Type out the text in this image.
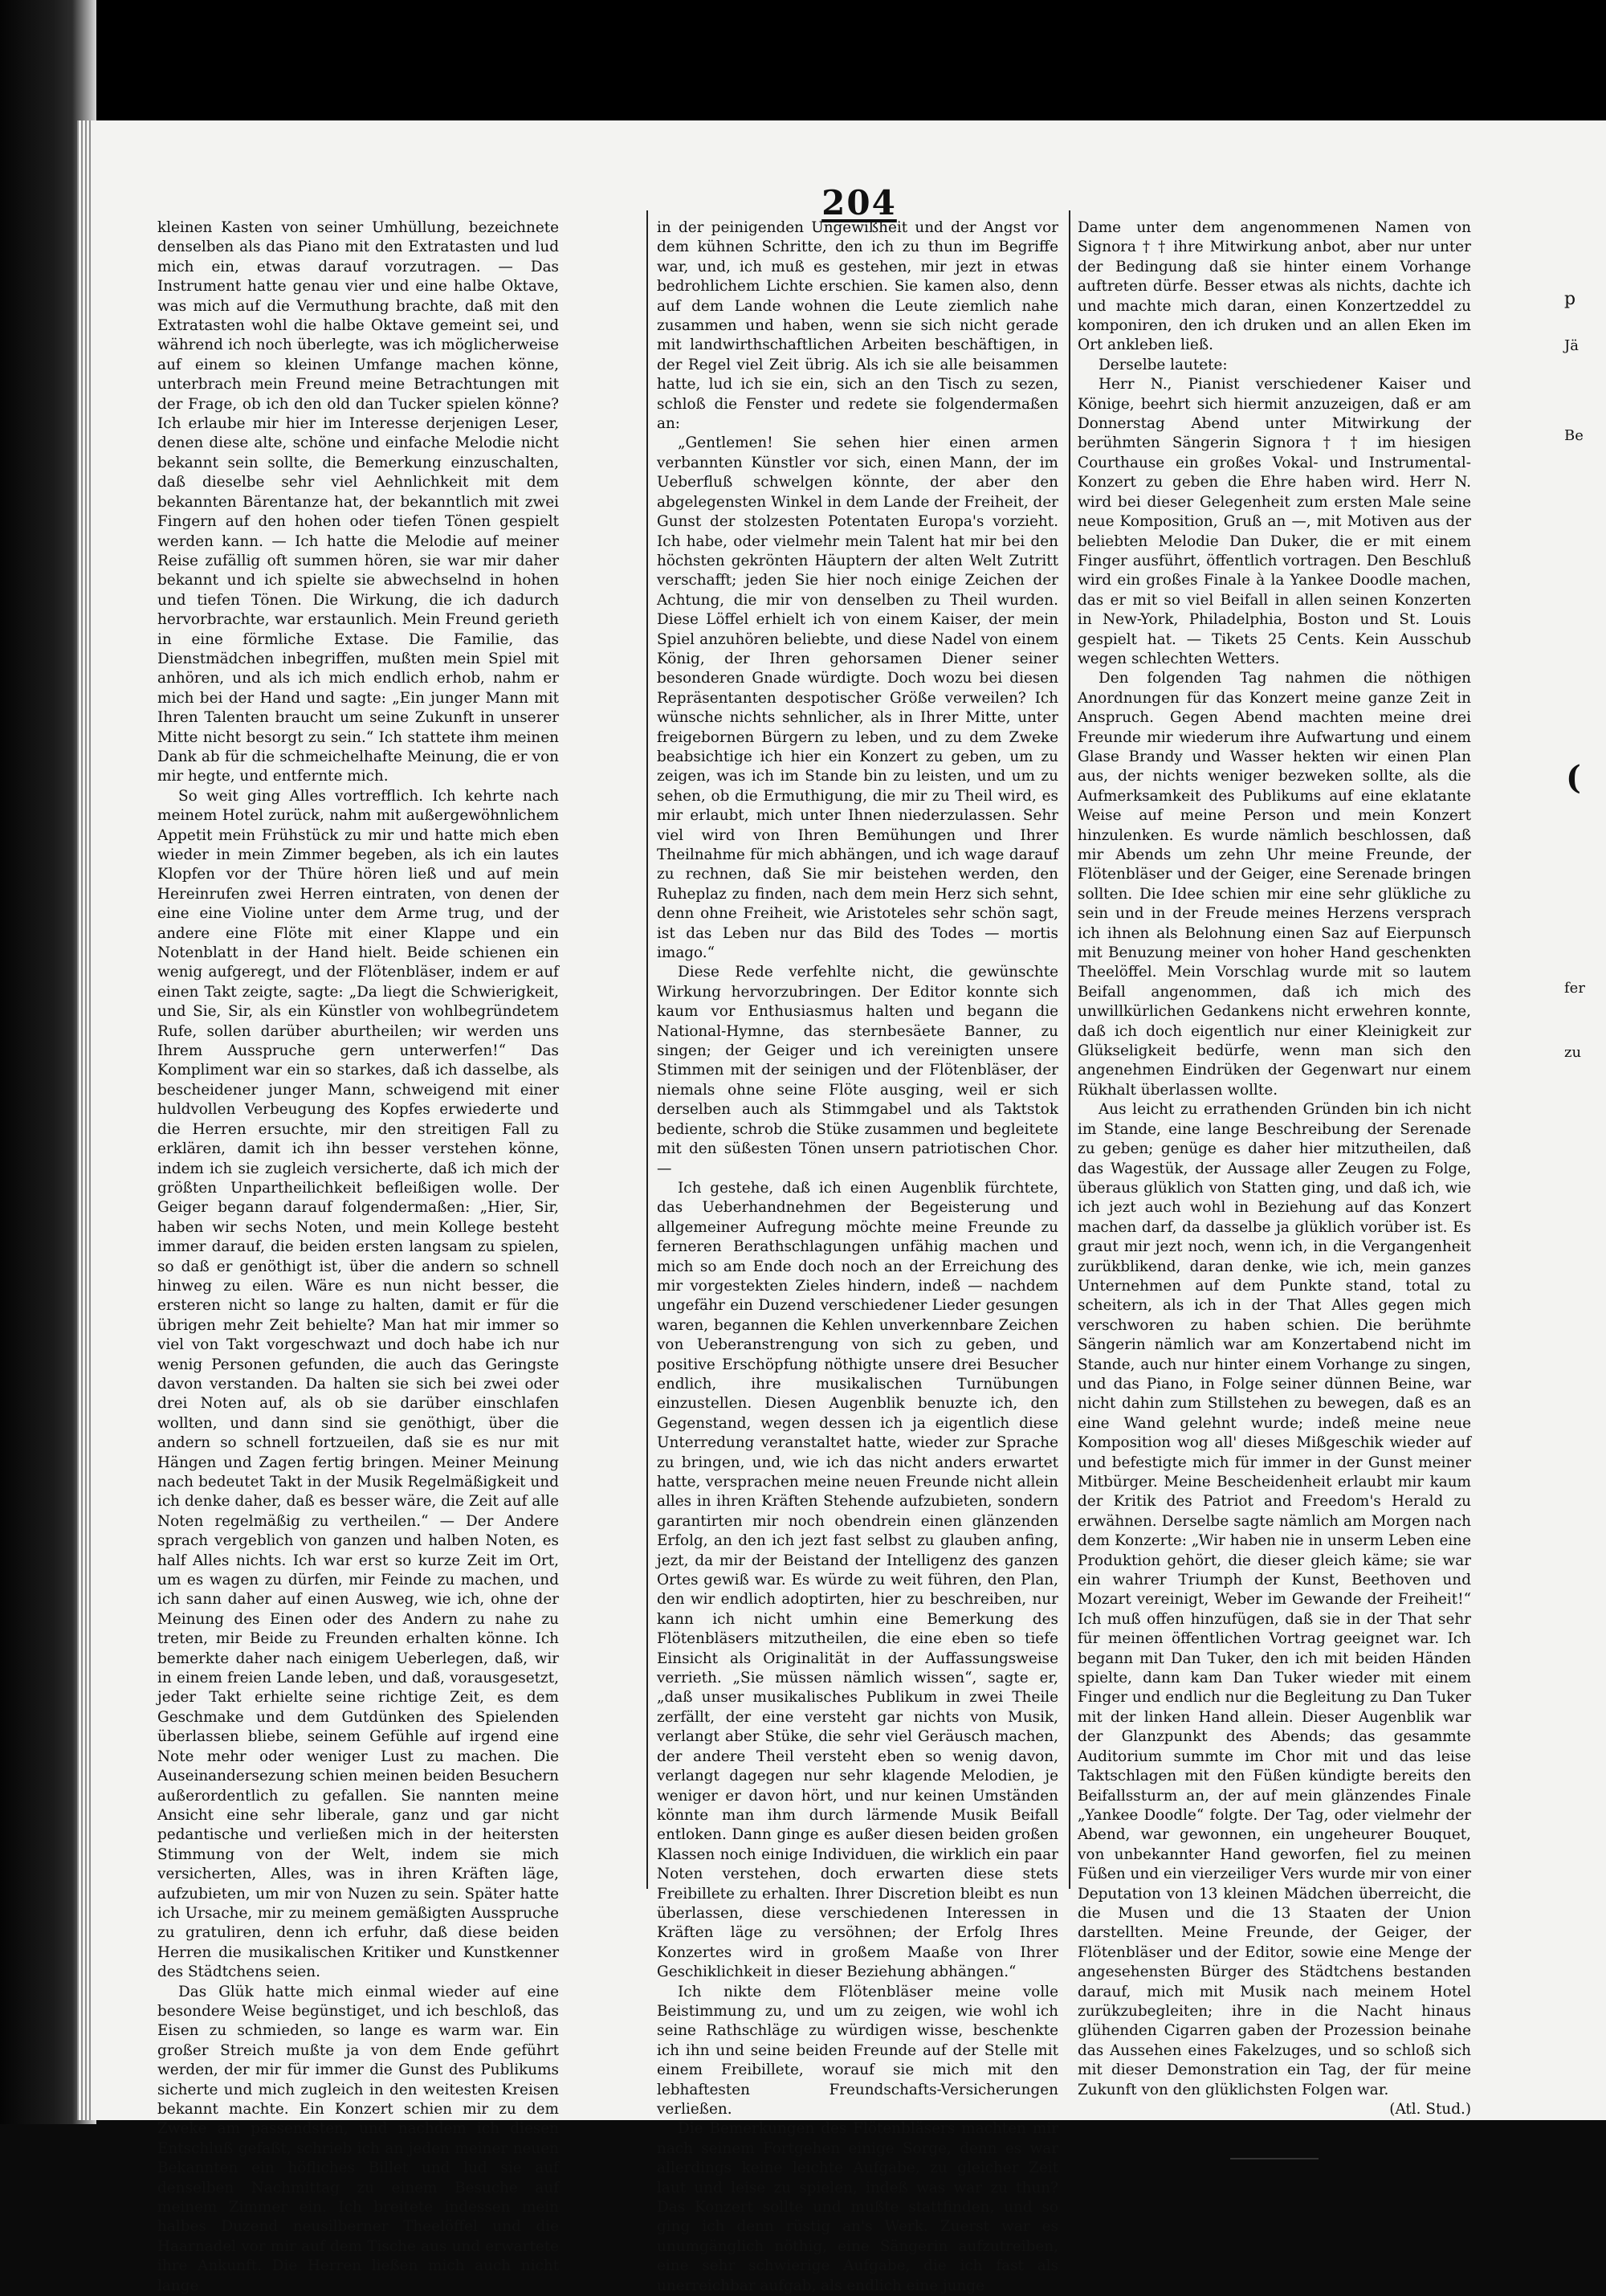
204

kleinen Kasten von seiner Umhüllung, bezeichnete denselben als das Piano mit den Extratasten und lud mich ein, etwas darauf vorzutragen. — Das Instrument hatte genau vier und eine halbe Oktave, was mich auf die Vermuthung brachte, daß mit den Extratasten wohl die halbe Oktave gemeint sei, und während ich noch überlegte, was ich möglicherweise auf einem so kleinen Umfange machen könne, unterbrach mein Freund meine Betrachtungen mit der Frage, ob ich den old dan Tucker spielen könne? Ich erlaube mir hier im Interesse derjenigen Leser, denen diese alte, schöne und einfache Melodie nicht bekannt sein sollte, die Bemerkung einzuschalten, daß dieselbe sehr viel Aehnlichkeit mit dem bekannten Bärentanze hat, der bekanntlich mit zwei Fingern auf den hohen oder tiefen Tönen gespielt werden kann. — Ich hatte die Melodie auf meiner Reise zufällig oft summen hören, sie war mir daher bekannt und ich spielte sie abwechselnd in hohen und tiefen Tönen. Die Wirkung, die ich dadurch hervorbrachte, war erstaunlich. Mein Freund gerieth in eine förmliche Extase. Die Familie, das Dienstmädchen inbegriffen, mußten mein Spiel mit anhören, und als ich mich endlich erhob, nahm er mich bei der Hand und sagte: „Ein junger Mann mit Ihren Talenten braucht um seine Zukunft in unserer Mitte nicht besorgt zu sein.“ Ich stattete ihm meinen Dank ab für die schmeichelhafte Meinung, die er von mir hegte, und entfernte mich.

So weit ging Alles vortrefflich. Ich kehrte nach meinem Hotel zurück, nahm mit außergewöhnlichem Appetit mein Frühstück zu mir und hatte mich eben wieder in mein Zimmer begeben, als ich ein lautes Klopfen vor der Thüre hören ließ und auf mein Hereinrufen zwei Herren eintraten, von denen der eine eine Violine unter dem Arme trug, und der andere eine Flöte mit einer Klappe und ein Notenblatt in der Hand hielt. Beide schienen ein wenig aufgeregt, und der Flötenbläser, indem er auf einen Takt zeigte, sagte: „Da liegt die Schwierigkeit, und Sie, Sir, als ein Künstler von wohlbegründetem Rufe, sollen darüber aburtheilen; wir werden uns Ihrem Ausspruche gern unterwerfen!“ Das Kompliment war ein so starkes, daß ich dasselbe, als bescheidener junger Mann, schweigend mit einer huldvollen Verbeugung des Kopfes erwiederte und die Herren ersuchte, mir den streitigen Fall zu erklären, damit ich ihn besser verstehen könne, indem ich sie zugleich versicherte, daß ich mich der größten Unpartheilichkeit befleißigen wolle. Der Geiger begann darauf folgendermaßen: „Hier, Sir, haben wir sechs Noten, und mein Kollege besteht immer darauf, die beiden ersten langsam zu spielen, so daß er genöthigt ist, über die andern so schnell hinweg zu eilen. Wäre es nun nicht besser, die ersteren nicht so lange zu halten, damit er für die übrigen mehr Zeit behielte? Man hat mir immer so viel von Takt vorgeschwazt und doch habe ich nur wenig Personen gefunden, die auch das Geringste davon verstanden. Da halten sie sich bei zwei oder drei Noten auf, als ob sie darüber einschlafen wollten, und dann sind sie genöthigt, über die andern so schnell fortzueilen, daß sie es nur mit Hängen und Zagen fertig bringen. Meiner Meinung nach bedeutet Takt in der Musik Regelmäßigkeit und ich denke daher, daß es besser wäre, die Zeit auf alle Noten regelmäßig zu vertheilen.“ — Der Andere sprach vergeblich von ganzen und halben Noten, es half Alles nichts. Ich war erst so kurze Zeit im Ort, um es wagen zu dürfen, mir Feinde zu machen, und ich sann daher auf einen Ausweg, wie ich, ohne der Meinung des Einen oder des Andern zu nahe zu treten, mir Beide zu Freunden erhalten könne. Ich bemerkte daher nach einigem Ueberlegen, daß, wir in einem freien Lande leben, und daß, vorausgesetzt, jeder Takt erhielte seine richtige Zeit, es dem Geschmake und dem Gutdünken des Spielenden überlassen bliebe, seinem Gefühle auf irgend eine Note mehr oder weniger Lust zu machen. Die Auseinandersezung schien meinen beiden Besuchern außerordentlich zu gefallen. Sie nannten meine Ansicht eine sehr liberale, ganz und gar nicht pedantische und verließen mich in der heitersten Stimmung von der Welt, indem sie mich versicherten, Alles, was in ihren Kräften läge, aufzubieten, um mir von Nuzen zu sein. Später hatte ich Ursache, mir zu meinem gemäßigten Ausspruche zu gratuliren, denn ich erfuhr, daß diese beiden Herren die musikalischen Kritiker und Kunstkenner des Städtchens seien.

Das Glük hatte mich einmal wieder auf eine besondere Weise begünstiget, und ich beschloß, das Eisen zu schmieden, so lange es warm war. Ein großer Streich mußte ja von dem Ende geführt werden, der mir für immer die Gunst des Publikums sicherte und mich zugleich in den weitesten Kreisen bekannt machte. Ein Konzert schien mir zu dem Zweke am passendsten, und nachdem ich diesen Entschluß gefaßt, schrieb ich an jeden meiner neuen Bekannten ein höfliches Billet und lud sie auf denselben Nachmittag zu einem Besuche auf meinem Zimmer ein. Ich breitete indessen mein halbes Duzend neusilberner Theelöffel und die Haarnadel vor mir auf dem Tische aus und erwartete ihre Ankunft. Die Herren ließen mich auch nicht lange

in der peinigenden Ungewißheit und der Angst vor dem kühnen Schritte, den ich zu thun im Begriffe war, und, ich muß es gestehen, mir jezt in etwas bedrohlichem Lichte erschien. Sie kamen also, denn auf dem Lande wohnen die Leute ziemlich nahe zusammen und haben, wenn sie sich nicht gerade mit landwirthschaftlichen Arbeiten beschäftigen, in der Regel viel Zeit übrig. Als ich sie alle beisammen hatte, lud ich sie ein, sich an den Tisch zu sezen, schloß die Fenster und redete sie folgendermaßen an:

„Gentlemen! Sie sehen hier einen armen verbannten Künstler vor sich, einen Mann, der im Ueberfluß schwelgen könnte, der aber den abgelegensten Winkel in dem Lande der Freiheit, der Gunst der stolzesten Potentaten Europa's vorzieht. Ich habe, oder vielmehr mein Talent hat mir bei den höchsten gekrönten Häuptern der alten Welt Zutritt verschafft; jeden Sie hier noch einige Zeichen der Achtung, die mir von denselben zu Theil wurden. Diese Löffel erhielt ich von einem Kaiser, der mein Spiel anzuhören beliebte, und diese Nadel von einem König, der Ihren gehorsamen Diener seiner besonderen Gnade würdigte. Doch wozu bei diesen Repräsentanten despotischer Größe verweilen? Ich wünsche nichts sehnlicher, als in Ihrer Mitte, unter freigebornen Bürgern zu leben, und zu dem Zweke beabsichtige ich hier ein Konzert zu geben, um zu zeigen, was ich im Stande bin zu leisten, und um zu sehen, ob die Ermuthigung, die mir zu Theil wird, es mir erlaubt, mich unter Ihnen niederzulassen. Sehr viel wird von Ihren Bemühungen und Ihrer Theilnahme für mich abhängen, und ich wage darauf zu rechnen, daß Sie mir beistehen werden, den Ruheplaz zu finden, nach dem mein Herz sich sehnt, denn ohne Freiheit, wie Aristoteles sehr schön sagt, ist das Leben nur das Bild des Todes — mortis imago.“

Diese Rede verfehlte nicht, die gewünschte Wirkung hervorzubringen. Der Editor konnte sich kaum vor Enthusiasmus halten und begann die National-Hymne, das sternbesäete Banner, zu singen; der Geiger und ich vereinigten unsere Stimmen mit der seinigen und der Flötenbläser, der niemals ohne seine Flöte ausging, weil er sich derselben auch als Stimmgabel und als Taktstok bediente, schrob die Stüke zusammen und begleitete mit den süßesten Tönen unsern patriotischen Chor. —

Ich gestehe, daß ich einen Augenblik fürchtete, das Ueberhandnehmen der Begeisterung und allgemeiner Aufregung möchte meine Freunde zu ferneren Berathschlagungen unfähig machen und mich so am Ende doch noch an der Erreichung des mir vorgestekten Zieles hindern, indeß — nachdem ungefähr ein Duzend verschiedener Lieder gesungen waren, begannen die Kehlen unverkennbare Zeichen von Ueberanstrengung von sich zu geben, und positive Erschöpfung nöthigte unsere drei Besucher endlich, ihre musikalischen Turnübungen einzustellen. Diesen Augenblik benuzte ich, den Gegenstand, wegen dessen ich ja eigentlich diese Unterredung veranstaltet hatte, wieder zur Sprache zu bringen, und, wie ich das nicht anders erwartet hatte, versprachen meine neuen Freunde nicht allein alles in ihren Kräften Stehende aufzubieten, sondern garantirten mir noch obendrein einen glänzenden Erfolg, an den ich jezt fast selbst zu glauben anfing, jezt, da mir der Beistand der Intelligenz des ganzen Ortes gewiß war. Es würde zu weit führen, den Plan, den wir endlich adoptirten, hier zu beschreiben, nur kann ich nicht umhin eine Bemerkung des Flötenbläsers mitzutheilen, die eine eben so tiefe Einsicht als Originalität in der Auffassungsweise verrieth. „Sie müssen nämlich wissen“, sagte er, „daß unser musikalisches Publikum in zwei Theile zerfällt, der eine versteht gar nichts von Musik, verlangt aber Stüke, die sehr viel Geräusch machen, der andere Theil versteht eben so wenig davon, verlangt dagegen nur sehr klagende Melodien, je weniger er davon hört, und nur keinen Umständen könnte man ihm durch lärmende Musik Beifall entloken. Dann ginge es außer diesen beiden großen Klassen noch einige Individuen, die wirklich ein paar Noten verstehen, doch erwarten diese stets Freibillete zu erhalten. Ihrer Discretion bleibt es nun überlassen, diese verschiedenen Interessen in Kräften läge zu versöhnen; der Erfolg Ihres Konzertes wird in großem Maaße von Ihrer Geschiklichkeit in dieser Beziehung abhängen.“

Ich nikte dem Flötenbläser meine volle Beistimmung zu, und um zu zeigen, wie wohl ich seine Rathschläge zu würdigen wisse, beschenkte ich ihn und seine beiden Freunde auf der Stelle mit einem Freibillete, worauf sie mich mit den lebhaftesten Freundschafts-Versicherungen verließen.

Die Bemerkungen des Flötenbläsers machten mir nach seinem Fortgehen einige Sorge, denn es war allerdings keine leichte Aufgabe, zu gleicher Zeit laut und leise zu spielen, indeß was war zu thun? Das Konzert sollte und mußte stattfinden, und so ging ich denn rüstig an's Werk. Zuerst war es unumgänglich nöthig, eine Sängerin aufzutreiben, eine sehr schwierige Aufgabe, die ich fast als unerreichbar aufgab, als endlich eine junge

Dame unter dem angenommenen Namen von Signora † † ihre Mitwirkung anbot, aber nur unter der Bedingung daß sie hinter einem Vorhange auftreten dürfe. Besser etwas als nichts, dachte ich und machte mich daran, einen Konzertzeddel zu komponiren, den ich druken und an allen Eken im Ort ankleben ließ.

Derselbe lautete:

Herr N., Pianist verschiedener Kaiser und Könige, beehrt sich hiermit anzuzeigen, daß er am Donnerstag Abend unter Mitwirkung der berühmten Sängerin Signora † † im hiesigen Courthause ein großes Vokal- und Instrumental-Konzert zu geben die Ehre haben wird. Herr N. wird bei dieser Gelegenheit zum ersten Male seine neue Komposition, Gruß an —, mit Motiven aus der beliebten Melodie Dan Duker, die er mit einem Finger ausführt, öffentlich vortragen. Den Beschluß wird ein großes Finale à la Yankee Doodle machen, das er mit so viel Beifall in allen seinen Konzerten in New-York, Philadelphia, Boston und St. Louis gespielt hat. — Tikets 25 Cents. Kein Ausschub wegen schlechten Wetters.

Den folgenden Tag nahmen die nöthigen Anordnungen für das Konzert meine ganze Zeit in Anspruch. Gegen Abend machten meine drei Freunde mir wiederum ihre Aufwartung und einem Glase Brandy und Wasser hekten wir einen Plan aus, der nichts weniger bezweken sollte, als die Aufmerksamkeit des Publikums auf eine eklatante Weise auf meine Person und mein Konzert hinzulenken. Es wurde nämlich beschlossen, daß mir Abends um zehn Uhr meine Freunde, der Flötenbläser und der Geiger, eine Serenade bringen sollten. Die Idee schien mir eine sehr glükliche zu sein und in der Freude meines Herzens versprach ich ihnen als Belohnung einen Saz auf Eierpunsch mit Benuzung meiner von hoher Hand geschenkten Theelöffel. Mein Vorschlag wurde mit so lautem Beifall angenommen, daß ich mich des unwillkürlichen Gedankens nicht erwehren konnte, daß ich doch eigentlich nur einer Kleinigkeit zur Glükseligkeit bedürfe, wenn man sich den angenehmen Eindrüken der Gegenwart nur einem Rükhalt überlassen wollte.

Aus leicht zu errathenden Gründen bin ich nicht im Stande, eine lange Beschreibung der Serenade zu geben; genüge es daher hier mitzutheilen, daß das Wagestük, der Aussage aller Zeugen zu Folge, überaus glüklich von Statten ging, und daß ich, wie ich jezt auch wohl in Beziehung auf das Konzert machen darf, da dasselbe ja glüklich vorüber ist. Es graut mir jezt noch, wenn ich, in die Vergangenheit zurükblikend, daran denke, wie ich, mein ganzes Unternehmen auf dem Punkte stand, total zu scheitern, als ich in der That Alles gegen mich verschworen zu haben schien. Die berühmte Sängerin nämlich war am Konzertabend nicht im Stande, auch nur hinter einem Vorhange zu singen, und das Piano, in Folge seiner dünnen Beine, war nicht dahin zum Stillstehen zu bewegen, daß es an eine Wand gelehnt wurde; indeß meine neue Komposition wog all' dieses Mißgeschik wieder auf und befestigte mich für immer in der Gunst meiner Mitbürger. Meine Bescheidenheit erlaubt mir kaum der Kritik des Patriot and Freedom's Herald zu erwähnen. Derselbe sagte nämlich am Morgen nach dem Konzerte: „Wir haben nie in unserm Leben eine Produktion gehört, die dieser gleich käme; sie war ein wahrer Triumph der Kunst, Beethoven und Mozart vereinigt, Weber im Gewande der Freiheit!“ Ich muß offen hinzufügen, daß sie in der That sehr für meinen öffentlichen Vortrag geeignet war. Ich begann mit Dan Tuker, den ich mit beiden Händen spielte, dann kam Dan Tuker wieder mit einem Finger und endlich nur die Begleitung zu Dan Tuker mit der linken Hand allein. Dieser Augenblik war der Glanzpunkt des Abends; das gesammte Auditorium summte im Chor mit und das leise Taktschlagen mit den Füßen kündigte bereits den Beifallssturm an, der auf mein glänzendes Finale „Yankee Doodle“ folgte. Der Tag, oder vielmehr der Abend, war gewonnen, ein ungeheurer Bouquet, von unbekannter Hand geworfen, fiel zu meinen Füßen und ein vierzeiliger Vers wurde mir von einer Deputation von 13 kleinen Mädchen überreicht, die die Musen und die 13 Staaten der Union darstellten. Meine Freunde, der Geiger, der Flötenbläser und der Editor, sowie eine Menge der angesehensten Bürger des Städtchens bestanden darauf, mich mit Musik nach meinem Hotel zurükzubegleiten; ihre in die Nacht hinaus glühenden Cigarren gaben der Prozession beinahe das Aussehen eines Fakelzuges, und so schloß sich mit dieser Demonstration ein Tag, der für meine Zukunft von den glüklichsten Folgen war.

(Atl. Stud.)

p
Jä
Be
(
fer
zu
